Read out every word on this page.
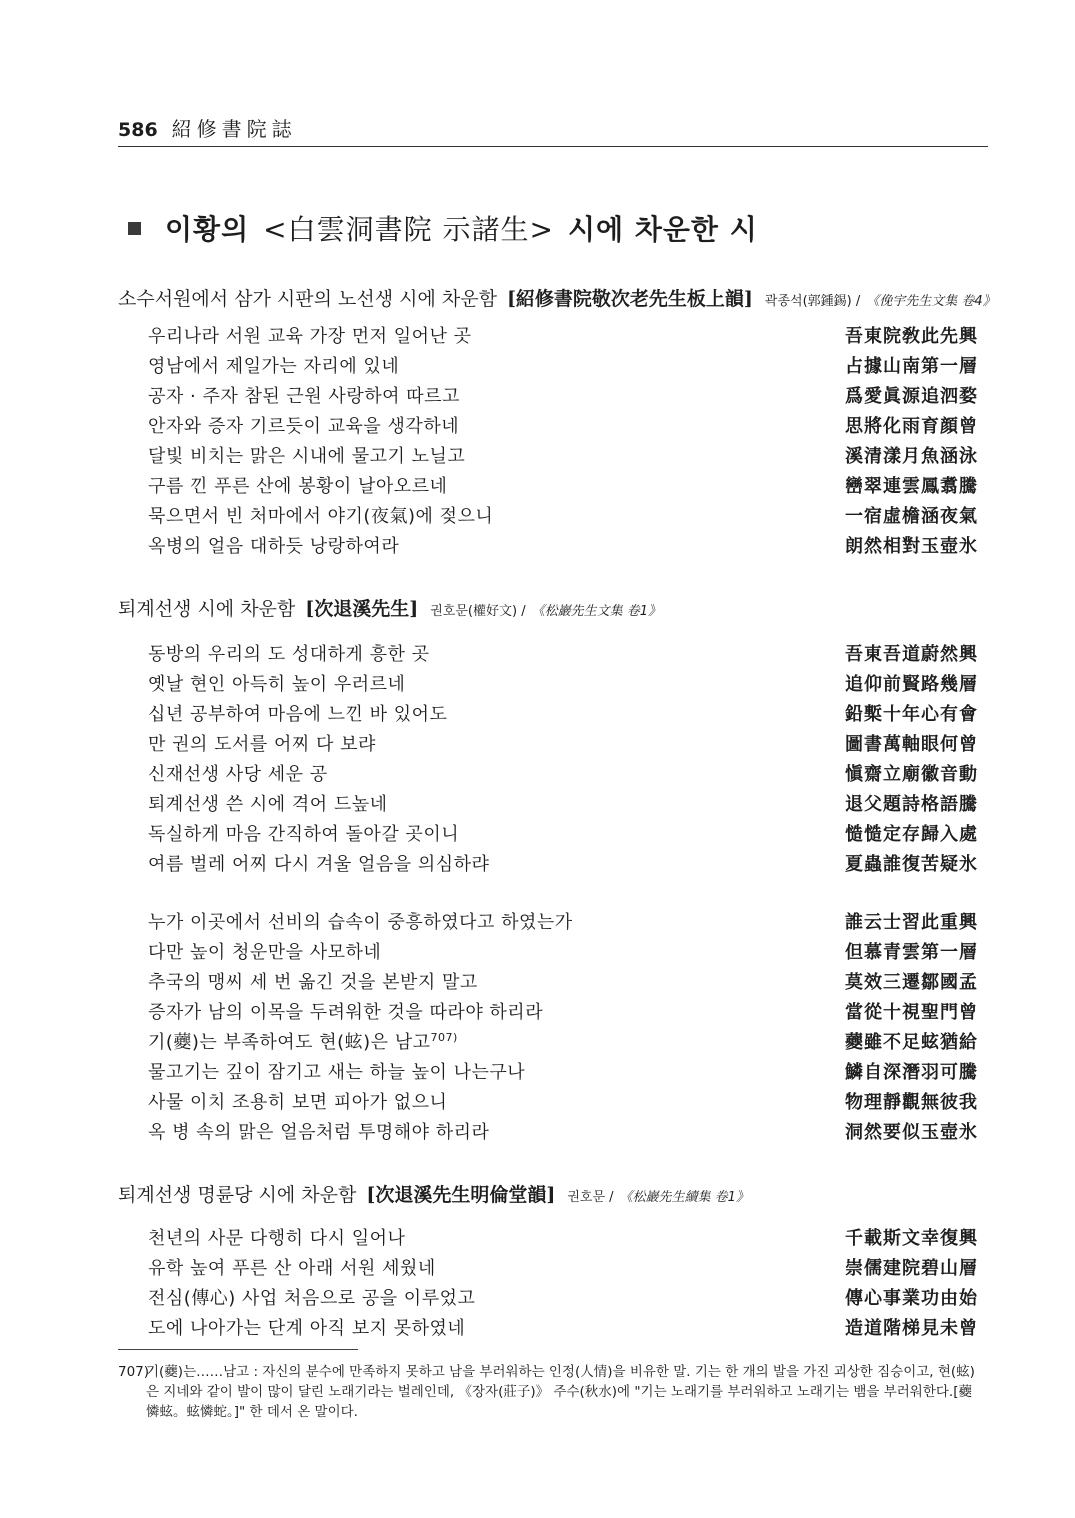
586 紹修書院誌
이황의 <白雲洞書院 示諸生> 시에 차운한 시
소수서원에서 삼가 시판의 노선생 시에 차운함 [紹修書院敬次老先生板上韻] 곽종석(郭鍾錫) / 《俛宇先生文集 卷4》
우리나라 서원 교육 가장 먼저 일어난 곳	吾東院敎此先興
영남에서 제일가는 자리에 있네	占據山南第一層
공자 · 주자 참된 근원 사랑하여 따르고	爲愛眞源追泗婺
안자와 증자 기르듯이 교육을 생각하네	思將化雨育顔曾
달빛 비치는 맑은 시내에 물고기 노닐고	溪清漾月魚涵泳
구름 낀 푸른 산에 봉황이 날아오르네	巒翠連雲鳳翥騰
묵으면서 빈 처마에서 야기(夜氣)에 젖으니	一宿虛檐涵夜氣
옥병의 얼음 대하듯 낭랑하여라	朗然相對玉壺氷
퇴계선생 시에 차운함 [次退溪先生] 권호문(權好文) / 《松巖先生文集 卷1》
동방의 우리의 도 성대하게 흥한 곳	吾東吾道蔚然興
옛날 현인 아득히 높이 우러르네	追仰前賢路幾層
십년 공부하여 마음에 느낀 바 있어도	鉛槧十年心有會
만 권의 도서를 어찌 다 보랴	圖書萬軸眼何曾
신재선생 사당 세운 공	愼齋立廟徽音動
퇴계선생 쓴 시에 격어 드높네	退父題詩格語騰
독실하게 마음 간직하여 돌아갈 곳이니	慥慥定存歸入處
여름 벌레 어찌 다시 겨울 얼음을 의심하랴	夏蟲誰復苦疑氷
누가 이곳에서 선비의 습속이 중흥하였다고 하였는가	誰云士習此重興
다만 높이 청운만을 사모하네	但慕青雲第一層
추국의 맹씨 세 번 옮긴 것을 본받지 말고	莫效三遷鄒國孟
증자가 남의 이목을 두려워한 것을 따라야 하리라	當從十視聖門曾
기(蘷)는 부족하여도 현(蚿)은 남고$^{707)}$	蘷雖不足蚿猶給
물고기는 깊이 잠기고 새는 하늘 높이 나는구나	鱗自深潛羽可騰
사물 이치 조용히 보면 피아가 없으니	物理靜觀無彼我
옥 병 속의 맑은 얼음처럼 투명해야 하리라	洞然要似玉壺氷
퇴계선생 명륜당 시에 차운함 [次退溪先生明倫堂韻] 권호문 / 《松巖先生續集 卷1》
천년의 사문 다행히 다시 일어나	千載斯文幸復興
유학 높여 푸른 산 아래 서원 세웠네	崇儒建院碧山層
전심(傳心) 사업 처음으로 공을 이루었고	傳心事業功由始
도에 나아가는 단계 아직 보지 못하였네	造道階梯見未曾
707)
기(蘷)는……남고 : 자신의 분수에 만족하지 못하고 남을 부러워하는 인정(人情)을 비유한 말. 기는 한 개의 발을 가진 괴상한 짐승이고, 현(蚿)은 지네와 같이 발이 많이 달린 노래기라는 벌레인데, 《장자(莊子)》 주수(秋水)에 "기는 노래기를 부러워하고 노래기는 뱀을 부러워한다.[蘷憐蚿。蚿憐蛇。]" 한 데서 온 말이다.
